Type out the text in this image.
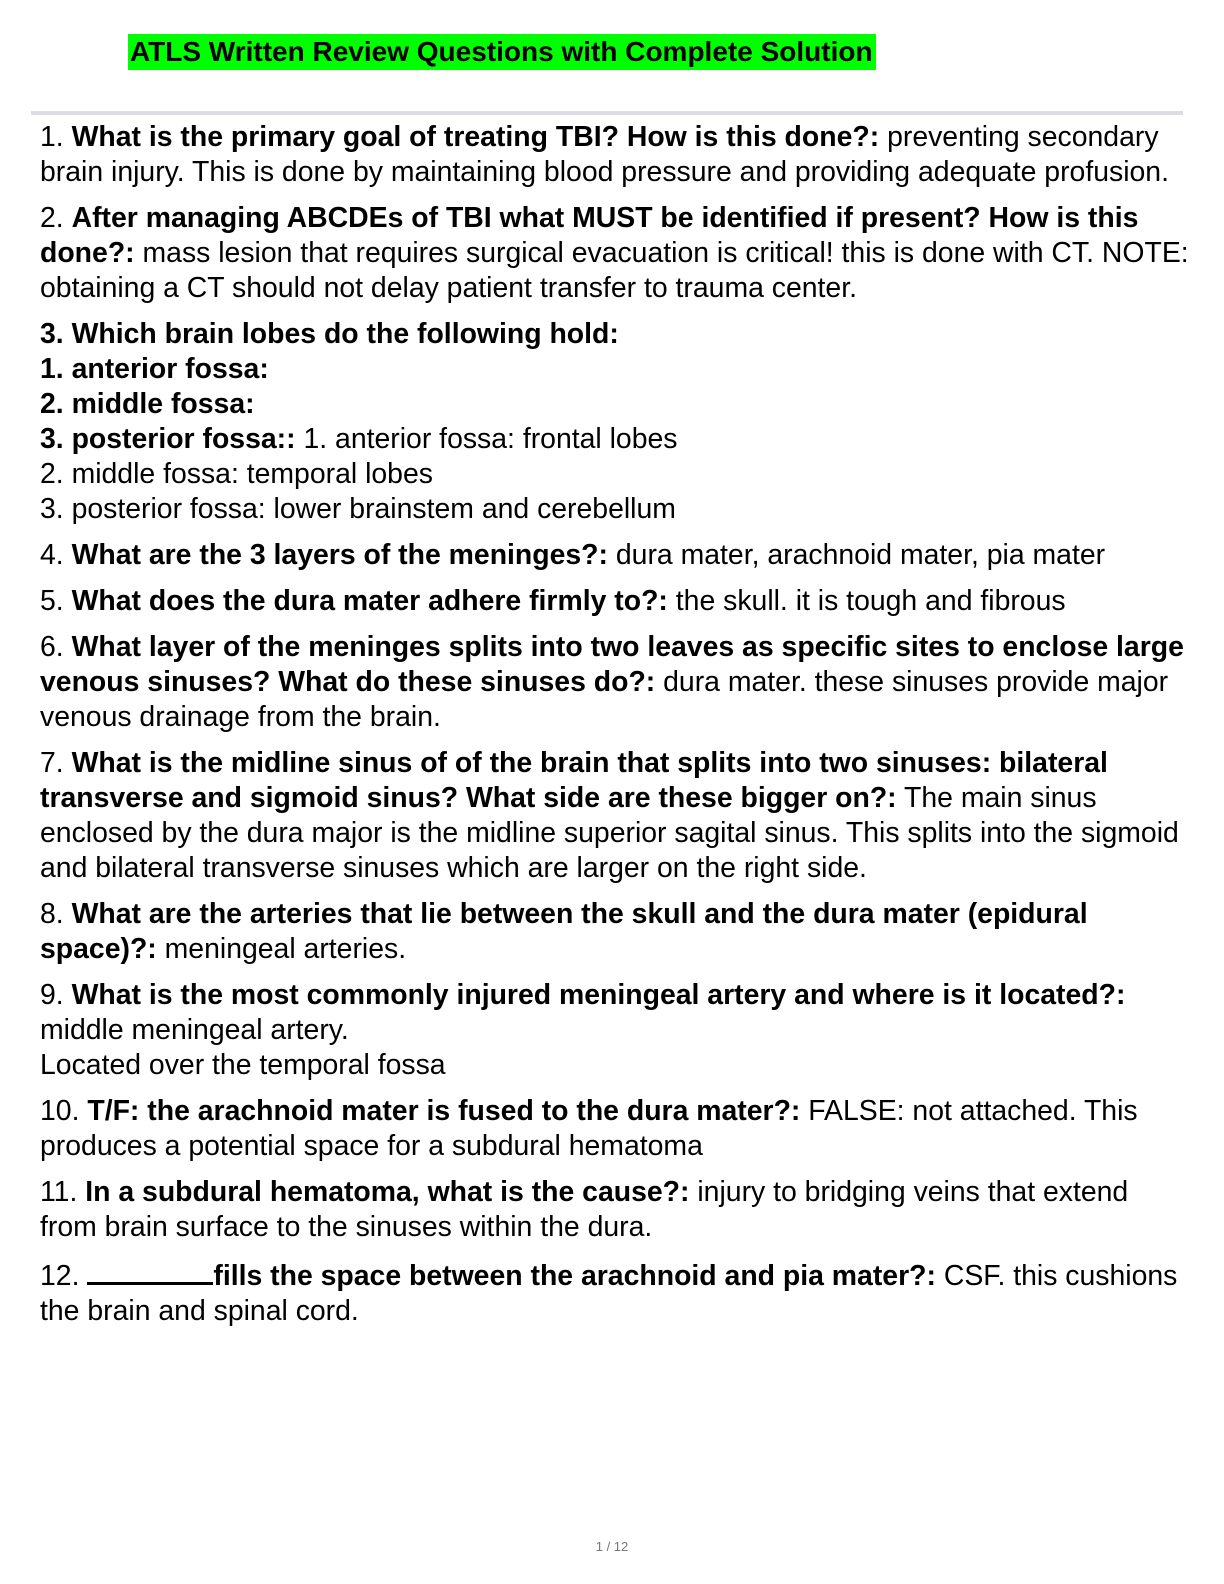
ATLS Written Review Questions with Complete Solution
1. What is the primary goal of treating TBI? How is this done?: preventing secondary brain injury. This is done by maintaining blood pressure and providing adequate profusion.
2. After managing ABCDEs of TBI what MUST be identified if present? How is this done?: mass lesion that requires surgical evacuation is critical! this is done with CT. NOTE: obtaining a CT should not delay patient transfer to trauma center.
3. Which brain lobes do the following hold:
1. anterior fossa:
2. middle fossa:
3. posterior fossa:: 1. anterior fossa: frontal lobes
2. middle fossa: temporal lobes
3. posterior fossa: lower brainstem and cerebellum
4. What are the 3 layers of the meninges?: dura mater, arachnoid mater, pia mater
5. What does the dura mater adhere firmly to?: the skull. it is tough and fibrous
6. What layer of the meninges splits into two leaves as specific sites to enclose large venous sinuses? What do these sinuses do?: dura mater. these sinuses provide major venous drainage from the brain.
7. What is the midline sinus of of the brain that splits into two sinuses: bilateral transverse and sigmoid sinus? What side are these bigger on?: The main sinus enclosed by the dura major is the midline superior sagital sinus. This splits into the sigmoid and bilateral transverse sinuses which are larger on the right side.
8. What are the arteries that lie between the skull and the dura mater (epidural space)?: meningeal arteries.
9. What is the most commonly injured meningeal artery and where is it located?: middle meningeal artery.
Located over the temporal fossa
10. T/F: the arachnoid mater is fused to the dura mater?: FALSE: not attached. This produces a potential space for a subdural hematoma
11. In a subdural hematoma, what is the cause?: injury to bridging veins that extend from brain surface to the sinuses within the dura.
12.	fills the space between the arachnoid and pia mater?: CSF. this cushions the brain and spinal cord.
1 / 12
